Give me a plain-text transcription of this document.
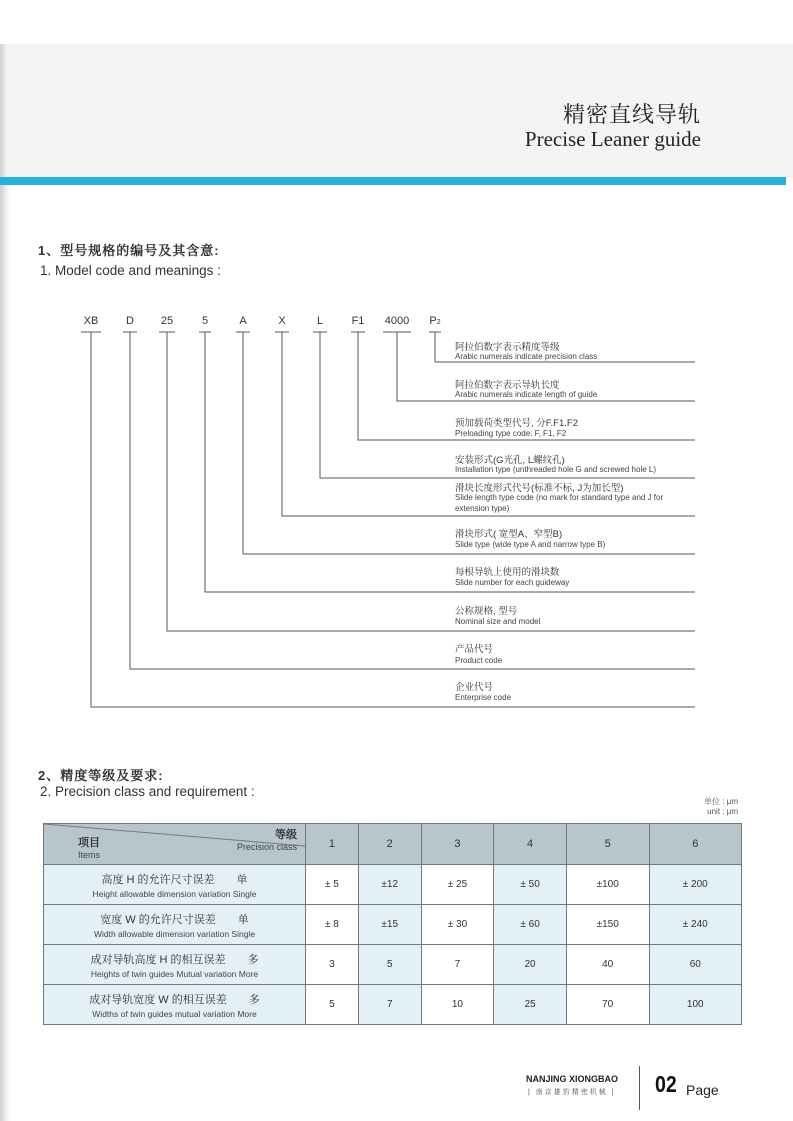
精密直线导轨
Precise Leaner guide
1、型号规格的编号及其含意:
1. Model code and meanings :
XB	D 25	5	A	X	L	F1 4000 P2
阿拉伯数字表示精度等级
Arabic numerals indicate precision class
阿拉伯数字表示导轨长度
Arabic numerals indicate length of guide
预加载荷类型代号, 分F.F1.F2
Preloading type code: F, F1, F2
安装形式(G光孔, L螺纹孔)
Installation type (unthreaded hole G and screwed hole L)
滑块长度形式代号(标准不标, J为加长型)
Slide length type code (no mark for standard type and J for extension type)
滑块形式( 宽型A、窄型B)
Slide type (wide type A and narrow type B)
每根导轨上使用的滑块数
Slide number for each guideway
公称规格, 型号
Nominal size and model
产品代号
Product code
企业代号
Enterprise code
2、精度等级及要求:
2. Precision class and requirement :
单位 : μm
unit : μm
等级
Precision class
项目
Items	1	2	3	4	5	6

高度 H 的允许尺寸误差　　单
Height allowable dimension variation Single	± 5	±12	± 25	± 50	±100	± 200

宽度 W 的允许尺寸误差　　单
Width allowable dimension variation Single	± 8	±15	± 30	± 60	±150	± 240

成对导轨高度 H 的相互误差　　多
Heights of twin guides Mutual variation More	3	5	7	20	40	60

成对导轨宽度 W 的相互误差　　多
Widths of twin guides mutual variation More	5	7	10	25	70	100
NANJING XIONGBAO
| 南京雄豹精密机械 | 02 Page
